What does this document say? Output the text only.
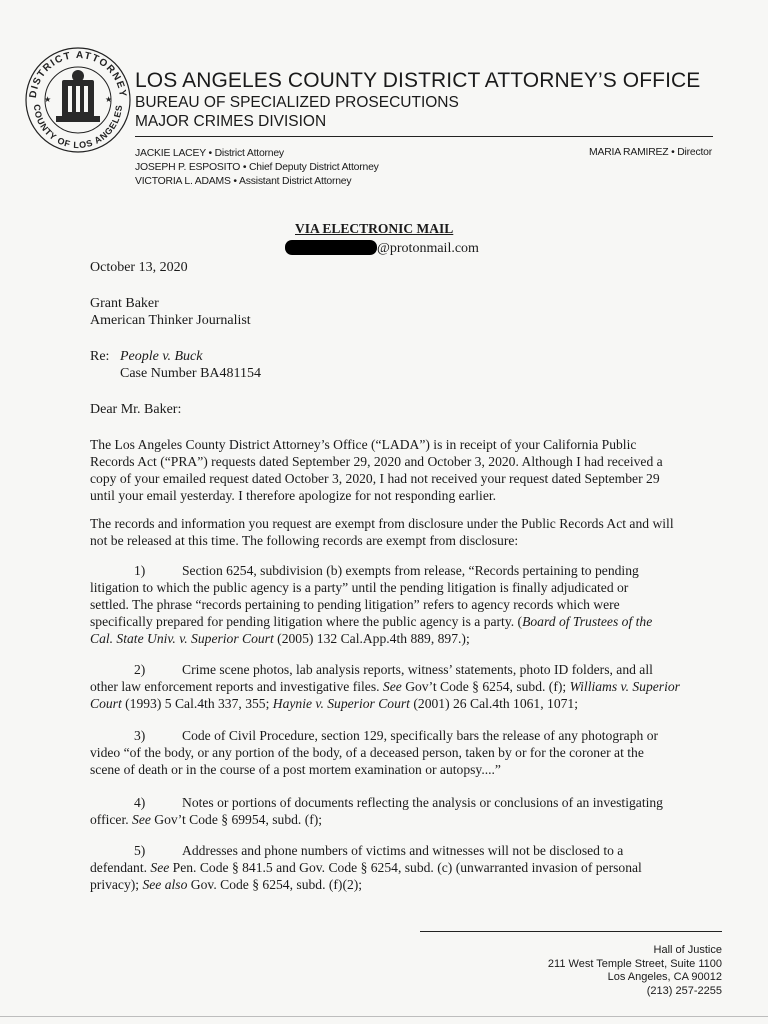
DISTRICT ATTORNEY
COUNTY OF LOS ANGELES
★	★
LOS ANGELES COUNTY DISTRICT ATTORNEY’S OFFICE
BUREAU OF SPECIALIZED PROSECUTIONS
MAJOR CRIMES DIVISION
JACKIE LACEY • District Attorney
JOSEPH P. ESPOSITO • Chief Deputy District Attorney
VICTORIA L. ADAMS • Assistant District Attorney
MARIA RAMIREZ • Director
VIA ELECTRONIC MAIL
@protonmail.com
October 13, 2020
Grant Baker
American Thinker Journalist
Re: People v. Buck
Case Number BA481154
Dear Mr. Baker:
The Los Angeles County District Attorney’s Office (“LADA”) is in receipt of your California Public
Records Act (“PRA”) requests dated September 29, 2020 and October 3, 2020. Although I had received a
copy of your emailed request dated October 3, 2020, I had not received your request dated September 29
until your email yesterday. I therefore apologize for not responding earlier.
The records and information you request are exempt from disclosure under the Public Records Act and will
not be released at this time. The following records are exempt from disclosure:
1)	Section 6254, subdivision (b) exempts from release, “Records pertaining to pending
litigation to which the public agency is a party” until the pending litigation is finally adjudicated or
settled. The phrase “records pertaining to pending litigation” refers to agency records which were
specifically prepared for pending litigation where the public agency is a party. (Board of Trustees of the
Cal. State Univ. v. Superior Court (2005) 132 Cal.App.4th 889, 897.);
2)	Crime scene photos, lab analysis reports, witness’ statements, photo ID folders, and all
other law enforcement reports and investigative files. See Gov’t Code § 6254, subd. (f); Williams v. Superior
Court (1993) 5 Cal.4th 337, 355; Haynie v. Superior Court (2001) 26 Cal.4th 1061, 1071;
3)	Code of Civil Procedure, section 129, specifically bars the release of any photograph or
video “of the body, or any portion of the body, of a deceased person, taken by or for the coroner at the
scene of death or in the course of a post mortem examination or autopsy....”
4)	Notes or portions of documents reflecting the analysis or conclusions of an investigating
officer. See Gov’t Code § 69954, subd. (f);
5)	Addresses and phone numbers of victims and witnesses will not be disclosed to a
defendant. See Pen. Code § 841.5 and Gov. Code § 6254, subd. (c) (unwarranted invasion of personal
privacy); See also Gov. Code § 6254, subd. (f)(2);
Hall of Justice
211 West Temple Street, Suite 1100
Los Angeles, CA 90012
(213) 257-2255
